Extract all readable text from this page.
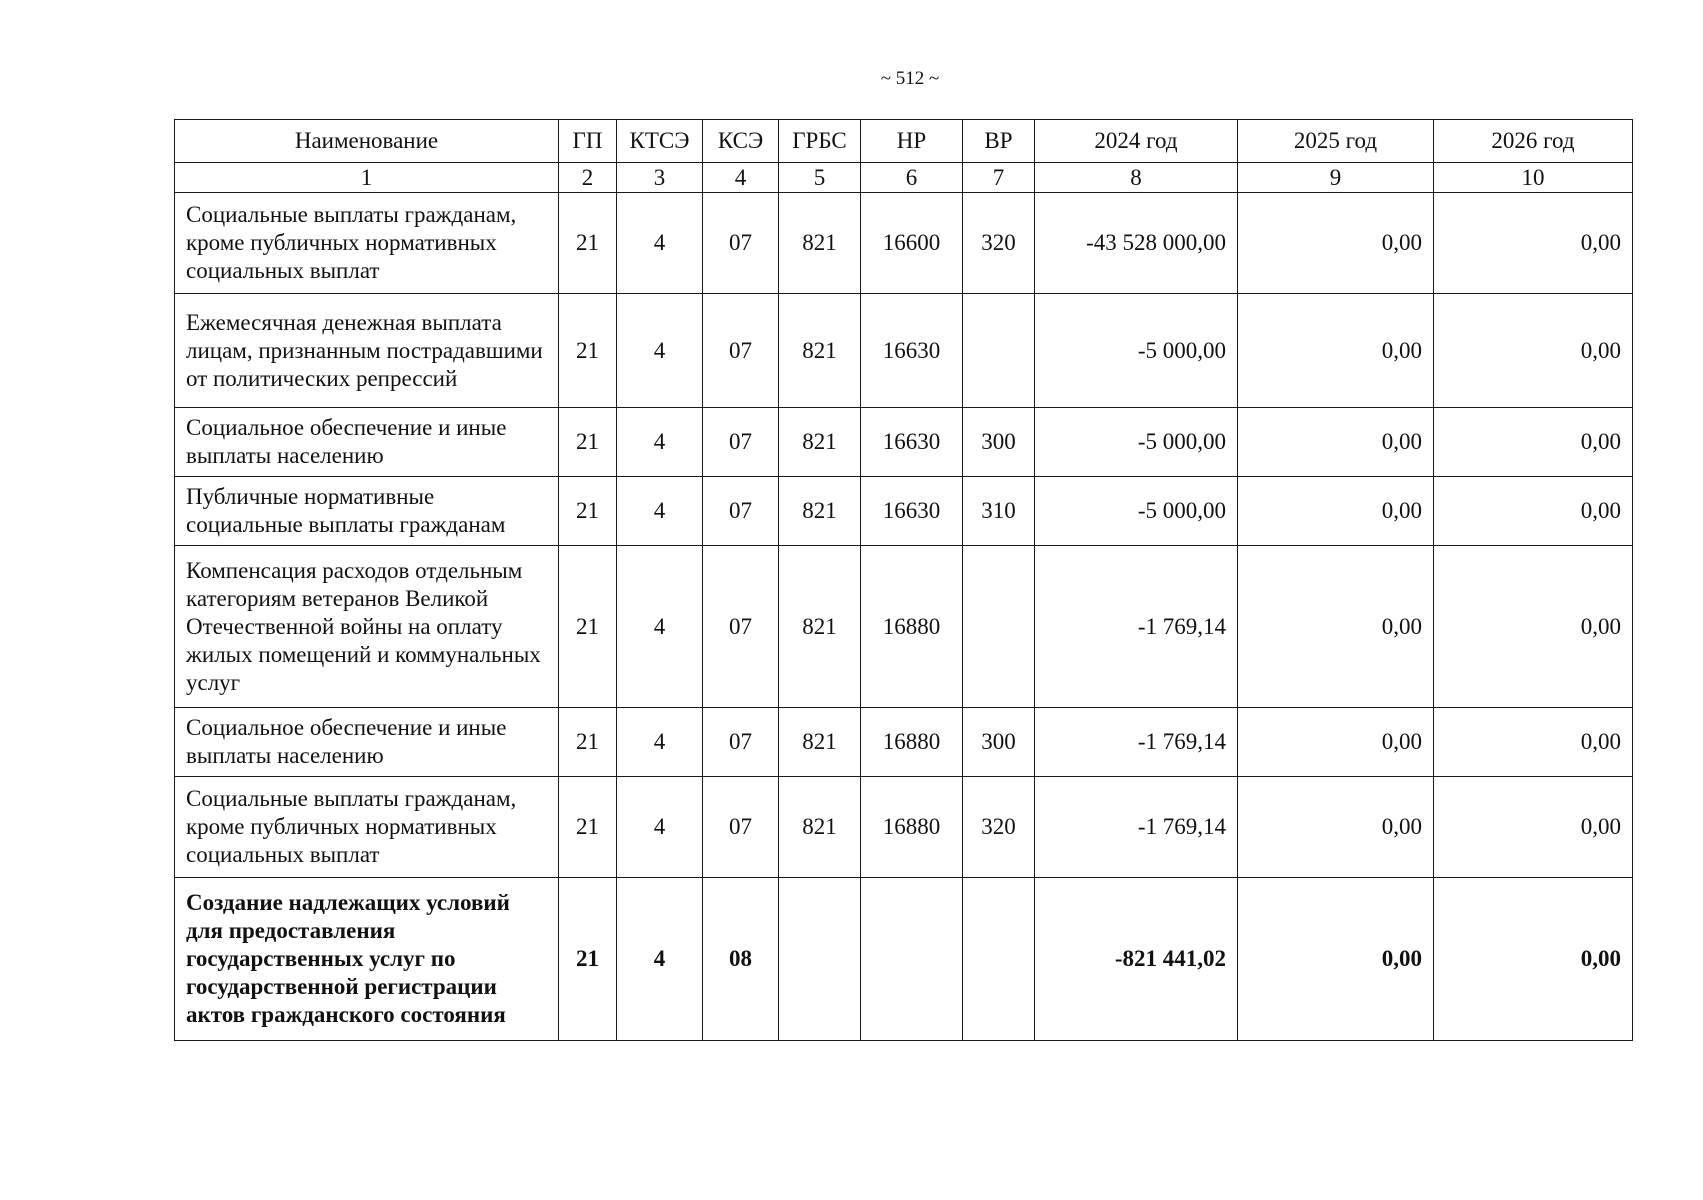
~ 512 ~
Наименование	ГП	КТСЭ	КСЭ	ГРБС	НР	ВР	2024 год	2025 год	2026 год
1	2	3	4	5	6	7	8	9	10
Социальные выплаты гражданам, кроме публичных нормативных социальных выплат	21	4	07	821	16600	320	-43 528 000,00	0,00	0,00
Ежемесячная денежная выплата лицам, признанным пострадавшими от политических репрессий	21	4	07	821	16630		-5 000,00	0,00	0,00
Социальное обеспечение и иные выплаты населению	21	4	07	821	16630	300	-5 000,00	0,00	0,00
Публичные нормативные социальные выплаты гражданам	21	4	07	821	16630	310	-5 000,00	0,00	0,00
Компенсация расходов отдельным категориям ветеранов Великой Отечественной войны на оплату жилых помещений и коммунальных услуг	21	4	07	821	16880		-1 769,14	0,00	0,00
Социальное обеспечение и иные выплаты населению	21	4	07	821	16880	300	-1 769,14	0,00	0,00
Социальные выплаты гражданам, кроме публичных нормативных социальных выплат	21	4	07	821	16880	320	-1 769,14	0,00	0,00
Создание надлежащих условий для предоставления государственных услуг по государственной регистрации актов гражданского состояния	21	4	08				-821 441,02	0,00	0,00
